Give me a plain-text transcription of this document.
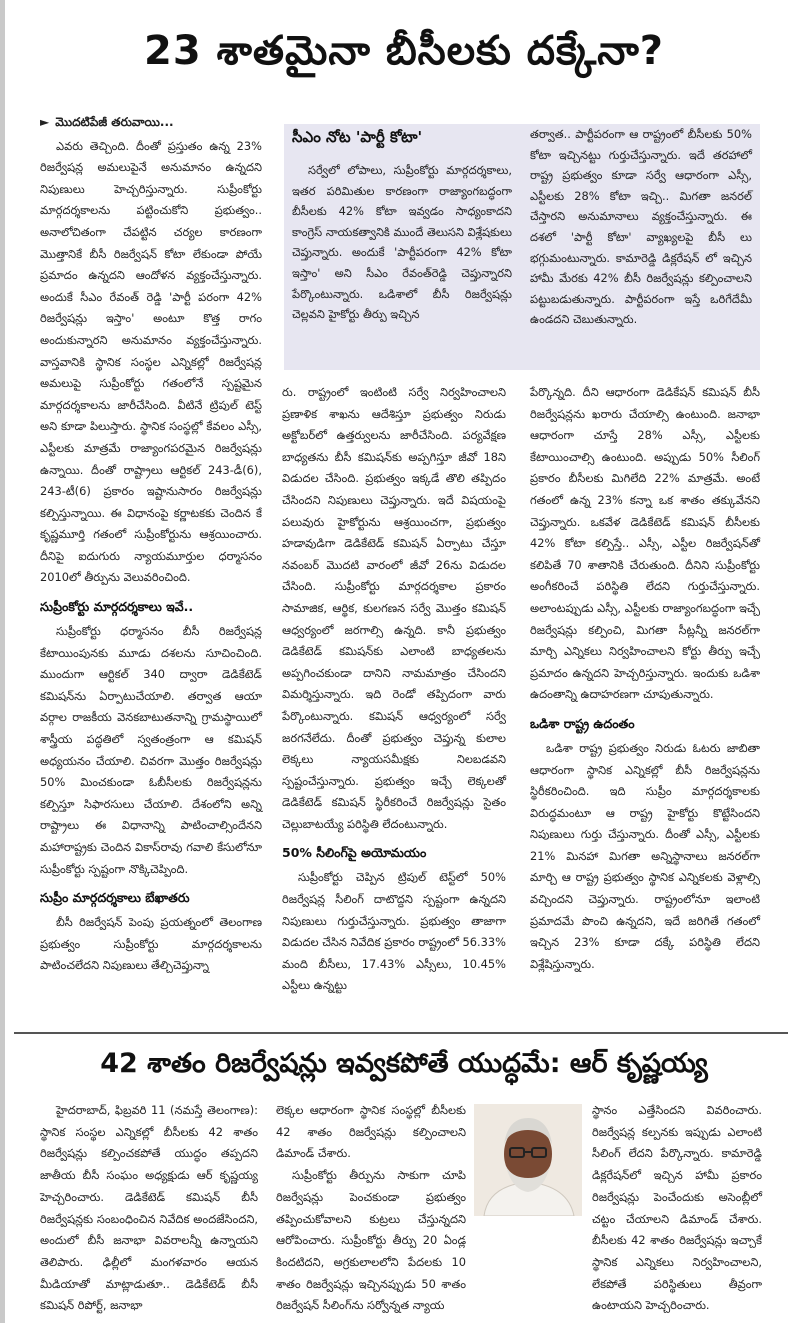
23 శాతమైనా బీసీలకు దక్కేనా?
► మొదటిపేజీ తరువాయి...

ఎవరు తెచ్చింది. దీంతో ప్రస్తుతం ఉన్న 23% రిజర్వేషన్ల అమలుపైనే అనుమానం ఉన్నదని నిపుణులు హెచ్చరిస్తున్నారు. సుప్రీంకోర్టు మార్గదర్శకాలను పట్టించుకోని ప్రభుత్వం.. అనాలోచితంగా చేపట్టిన చర్యల కారణంగా మొత్తానికే బీసీ రిజర్వేషన్ కోటా లేకుండా పోయే ప్రమాదం ఉన్నదని ఆందోళన వ్యక్తంచేస్తున్నారు. అందుకే సీఎం రేవంత్ రెడ్డి 'పార్టీ పరంగా 42% రిజర్వేషన్లు ఇస్తాం' అంటూ కొత్త రాగం అందుకున్నారని అనుమానం వ్యక్తంచేస్తున్నారు. వాస్తవానికి స్థానిక సంస్థల ఎన్నికల్లో రిజర్వేషన్ల అమలుపై సుప్రీంకోర్టు గతంలోనే స్పష్టమైన మార్గదర్శకాలను జారీచేసింది. వీటినే ట్రిపుల్ టెస్ట్ అని కూడా పిలుస్తారు. స్థానిక సంస్థల్లో కేవలం ఎస్సీ, ఎస్టీలకు మాత్రమే రాజ్యాంగపరమైన రిజర్వేషన్లు ఉన్నాయి. దీంతో రాష్ట్రాలు ఆర్టికల్ 243-డీ(6), 243-టీ(6) ప్రకారం ఇష్టానుసారం రిజర్వేషన్లు కల్పిస్తున్నాయి. ఈ విధానంపై కర్ణాటకకు చెందిన కే కృష్ణమూర్తి గతంలో సుప్రీంకోర్టును ఆశ్రయించారు. దీనిపై ఐదుగురు న్యాయమూర్తుల ధర్మాసనం 2010లో తీర్పును వెలువరించింది.

సుప్రీంకోర్టు మార్గదర్శకాలు ఇవే..

సుప్రీంకోర్టు ధర్మాసనం బీసీ రిజర్వేషన్ల కేటాయింపునకు మూడు దశలను సూచించింది. ముందుగా ఆర్టికల్ 340 ద్వారా డెడికేటెడ్ కమిషన్‌ను ఏర్పాటుచేయాలి. తర్వాత ఆయా వర్గాల రాజకీయ వెనకబాటుతనాన్ని గ్రామస్థాయిలో శాస్త్రీయ పద్ధతిలో స్వతంత్రంగా ఆ కమిషన్ అధ్యయనం చేయాలి. చివరగా మొత్తం రిజర్వేషన్లు 50% మించకుండా ఓబీసీలకు రిజర్వేషన్లను కల్పిస్తూ సిఫారసులు చేయాలి. దేశంలోని అన్ని రాష్ట్రాలు ఈ విధానాన్ని పాటించాల్సిందేనని మహారాష్ట్రకు చెందిన వికాస్‌రావు గవాలి కేసులోనూ సుప్రీంకోర్టు స్పష్టంగా నొక్కిచెప్పింది.

సుప్రీం మార్గదర్శకాలు బేఖాతరు

బీసీ రిజర్వేషన్ పెంపు ప్రయత్నంలో తెలంగాణ ప్రభుత్వం సుప్రీంకోర్టు మార్గదర్శకాలను పాటించలేదని నిపుణులు తేల్చిచెప్తున్నా

సీఎం నోట 'పార్టీ కోటా'

సర్వేలో లోపాలు, సుప్రీంకోర్టు మార్గదర్శకాలు, ఇతర పరిమితుల కారణంగా రాజ్యాంగబద్ధంగా బీసీలకు 42% కోటా ఇవ్వడం సాధ్యంకాదని కాంగ్రెస్ నాయకత్వానికి ముందే తెలుసని విశ్లేషకులు చెప్తున్నారు. అందుకే 'పార్టీపరంగా 42% కోటా ఇస్తాం' అని సీఎం రేవంత్‌రెడ్డి చెప్తున్నారని పేర్కొంటున్నారు. ఒడిశాలో బీసీ రిజర్వేషన్లు చెల్లవని హైకోర్టు తీర్పు ఇచ్చిన

తర్వాత.. పార్టీపరంగా ఆ రాష్ట్రంలో బీసీలకు 50% కోటా ఇచ్చినట్టు గుర్తుచేస్తున్నారు. ఇదే తరహాలో రాష్ట్ర ప్రభుత్వం కూడా సర్వే ఆధారంగా ఎస్సీ, ఎస్టీలకు 28% కోటా ఇచ్చి.. మిగతా జనరల్ చేస్తారని అనుమానాలు వ్యక్తంచేస్తున్నారు. ఈ దశలో 'పార్టీ కోటా' వ్యాఖ్యలపై బీసీ లు భగ్గుమంటున్నారు. కామారెడ్డి డిక్లరేషన్ లో ఇచ్చిన హామీ మేరకు 42% బీసీ రిజర్వేషన్లు కల్పించాలని పట్టుబడుతున్నారు. పార్టీపరంగా ఇస్తే ఒరిగేదేమీ ఉండదని చెబుతున్నారు.

రు. రాష్ట్రంలో ఇంటింటి సర్వే నిర్వహించాలని ప్రణాళిక శాఖను ఆదేశిస్తూ ప్రభుత్వం నిరుడు అక్టోబర్‌లో ఉత్తర్వులను జారీచేసింది. పర్యవేక్షణ బాధ్యతను బీసీ కమిషన్‌కు అప్పగిస్తూ జీవో 18ని విడుదల చేసింది. ప్రభుత్వం ఇక్కడే తొలి తప్పిదం చేసిందని నిపుణులు చెప్తున్నారు. ఇదే విషయంపై పలువురు హైకోర్టును ఆశ్రయించగా, ప్రభుత్వం హడావుడిగా డెడికేటెడ్ కమిషన్ ఏర్పాటు చేస్తూ నవంబర్ మొదటి వారంలో జీవో 26ను విడుదల చేసింది. సుప్రీంకోర్టు మార్గదర్శకాల ప్రకారం సామాజిక, ఆర్థిక, కులగణన సర్వే మొత్తం కమిషన్ ఆధ్వర్యంలో జరగాల్సి ఉన్నది. కానీ ప్రభుత్వం డెడికేటెడ్ కమిషన్‌కు ఎలాంటి బాధ్యతలను అప్పగించకుండా దానిని నామమాత్రం చేసిందని విమర్శిస్తున్నారు. ఇది రెండో తప్పిదంగా వారు పేర్కొంటున్నారు. కమిషన్ ఆధ్వర్యంలో సర్వే జరగనేలేదు. దీంతో ప్రభుత్వం చెప్తున్న కులాల లెక్కలు న్యాయసమీక్షకు నిలబడవని స్పష్టంచేస్తున్నారు. ప్రభుత్వం ఇచ్చే లెక్కలతో డెడికేటెడ్ కమిషన్ స్థిరీకరించే రిజర్వేషన్లు సైతం చెల్లుబాటయ్యే పరిస్థితి లేదంటున్నారు.

50% సీలింగ్‌పై అయోమయం

సుప్రీంకోర్టు చెప్పిన ట్రిపుల్ టెస్ట్‌లో 50% రిజర్వేషన్ల సీలింగ్ దాటొద్దని స్పష్టంగా ఉన్నదని నిపుణులు గుర్తుచేస్తున్నారు. ప్రభుత్వం తాజాగా విడుదల చేసిన నివేదిక ప్రకారం రాష్ట్రంలో 56.33% మంది బీసీలు, 17.43% ఎస్సీలు, 10.45% ఎస్టీలు ఉన్నట్టు

పేర్కొన్నది. దీని ఆధారంగా డెడికేషన్ కమిషన్ బీసీ రిజర్వేషన్లను ఖరారు చేయాల్సి ఉంటుంది. జనాభా ఆధారంగా చూస్తే 28% ఎస్సీ, ఎస్టీలకు కేటాయించాల్సి ఉంటుంది. అప్పుడు 50% సీలింగ్ ప్రకారం బీసీలకు మిగిలేది 22% మాత్రమే. అంటే గతంలో ఉన్న 23% కన్నా ఒక శాతం తక్కువేనని చెప్తున్నారు. ఒకవేళ డెడికేటెడ్ కమిషన్ బీసీలకు 42% కోటా కల్పిస్తే.. ఎస్సీ, ఎస్టీల రిజర్వేషన్‌తో కలిపితే 70 శాతానికి చేరుతుంది. దీనిని సుప్రీంకోర్టు అంగీకరించే పరిస్థితి లేదని గుర్తుచేస్తున్నారు. అలాంటప్పుడు ఎస్సీ, ఎస్టీలకు రాజ్యాంగబద్ధంగా ఇచ్చే రిజర్వేషన్లు కల్పించి, మిగతా సీట్లన్నీ జనరల్‌గా మార్చి ఎన్నికలు నిర్వహించాలని కోర్టు తీర్పు ఇచ్చే ప్రమాదం ఉన్నదని హెచ్చరిస్తున్నారు. ఇందుకు ఒడిశా ఉదంతాన్ని ఉదాహరణగా చూపుతున్నారు.

ఒడిశా రాష్ట్ర ఉదంతం

ఒడిశా రాష్ట్ర ప్రభుత్వం నిరుడు ఓటరు జాబితా ఆధారంగా స్థానిక ఎన్నికల్లో బీసీ రిజర్వేషన్లను స్థిరీకరించింది. ఇది సుప్రీం మార్గదర్శకాలకు విరుద్ధమంటూ ఆ రాష్ట్ర హైకోర్టు కొట్టేసిందని నిపుణులు గుర్తు చేస్తున్నారు. దీంతో ఎస్సీ, ఎస్టీలకు 21% మినహా మిగతా అన్నిస్థానాలు జనరల్‌గా మార్చి ఆ రాష్ట్ర ప్రభుత్వం స్థానిక ఎన్నికలకు వెళ్లాల్సి వచ్చిందని చెప్తున్నారు. రాష్ట్రంలోనూ ఇలాంటి ప్రమాదమే పొంచి ఉన్నదని, ఇదే జరిగితే గతంలో ఇచ్చిన 23% కూడా దక్కే పరిస్థితి లేదని విశ్లేషిస్తున్నారు.

42 శాతం రిజర్వేషన్లు ఇవ్వకపోతే యుద్ధమే: ఆర్ కృష్ణయ్య

హైదరాబాద్, ఫిబ్రవరి 11 (నమస్తే తెలంగాణ): స్థానిక సంస్థల ఎన్నికల్లో బీసీలకు 42 శాతం రిజర్వేషన్లు కల్పించకపోతే యుద్ధం తప్పదని జాతీయ బీసీ సంఘం అధ్యక్షుడు ఆర్ కృష్ణయ్య హెచ్చరించారు. డెడికేటెడ్ కమిషన్ బీసీ రిజర్వేషన్లకు సంబంధించిన నివేదిక అందజేసిందని, అందులో బీసీ జనాభా వివరాలన్నీ ఉన్నాయని తెలిపారు. ఢిల్లీలో మంగళవారం ఆయన మీడియాతో మాట్లాడుతూ.. డెడికేటెడ్ బీసీ కమిషన్ రిపోర్ట్, జనాభా

లెక్కల ఆధారంగా స్థానిక సంస్థల్లో బీసీలకు 42 శాతం రిజర్వేషన్లు కల్పించాలని డిమాండ్ చేశారు.

సుప్రీంకోర్టు తీర్పును సాకుగా చూపి రిజర్వేషన్లు పెంచకుండా ప్రభుత్వం తప్పించుకోవాలని కుట్రలు చేస్తున్నదని ఆరోపించారు. సుప్రీంకోర్టు తీర్పు 20 ఏండ్ల కిందటిదని, అగ్రకులాలలోని పేదలకు 10 శాతం రిజర్వేషన్లు ఇచ్చినప్పుడు 50 శాతం రిజర్వేషన్ సీలింగ్‌ను సర్వోన్నత న్యాయ

స్థానం ఎత్తేసిందని వివరించారు. రిజర్వేషన్ల కల్పనకు ఇప్పుడు ఎలాంటి సీలింగ్ లేదని పేర్కొన్నారు. కామారెడ్డి డిక్లరేషన్‌లో ఇచ్చిన హామీ ప్రకారం రిజర్వేషన్లు పెంచేందుకు అసెంబ్లీలో చట్టం చేయాలని డిమాండ్ చేశారు. బీసీలకు 42 శాతం రిజర్వేషన్లు ఇచ్చాకే స్థానిక ఎన్నికలు నిర్వహించాలని, లేకపోతే పరిస్థితులు తీవ్రంగా ఉంటాయని హెచ్చరించారు.
